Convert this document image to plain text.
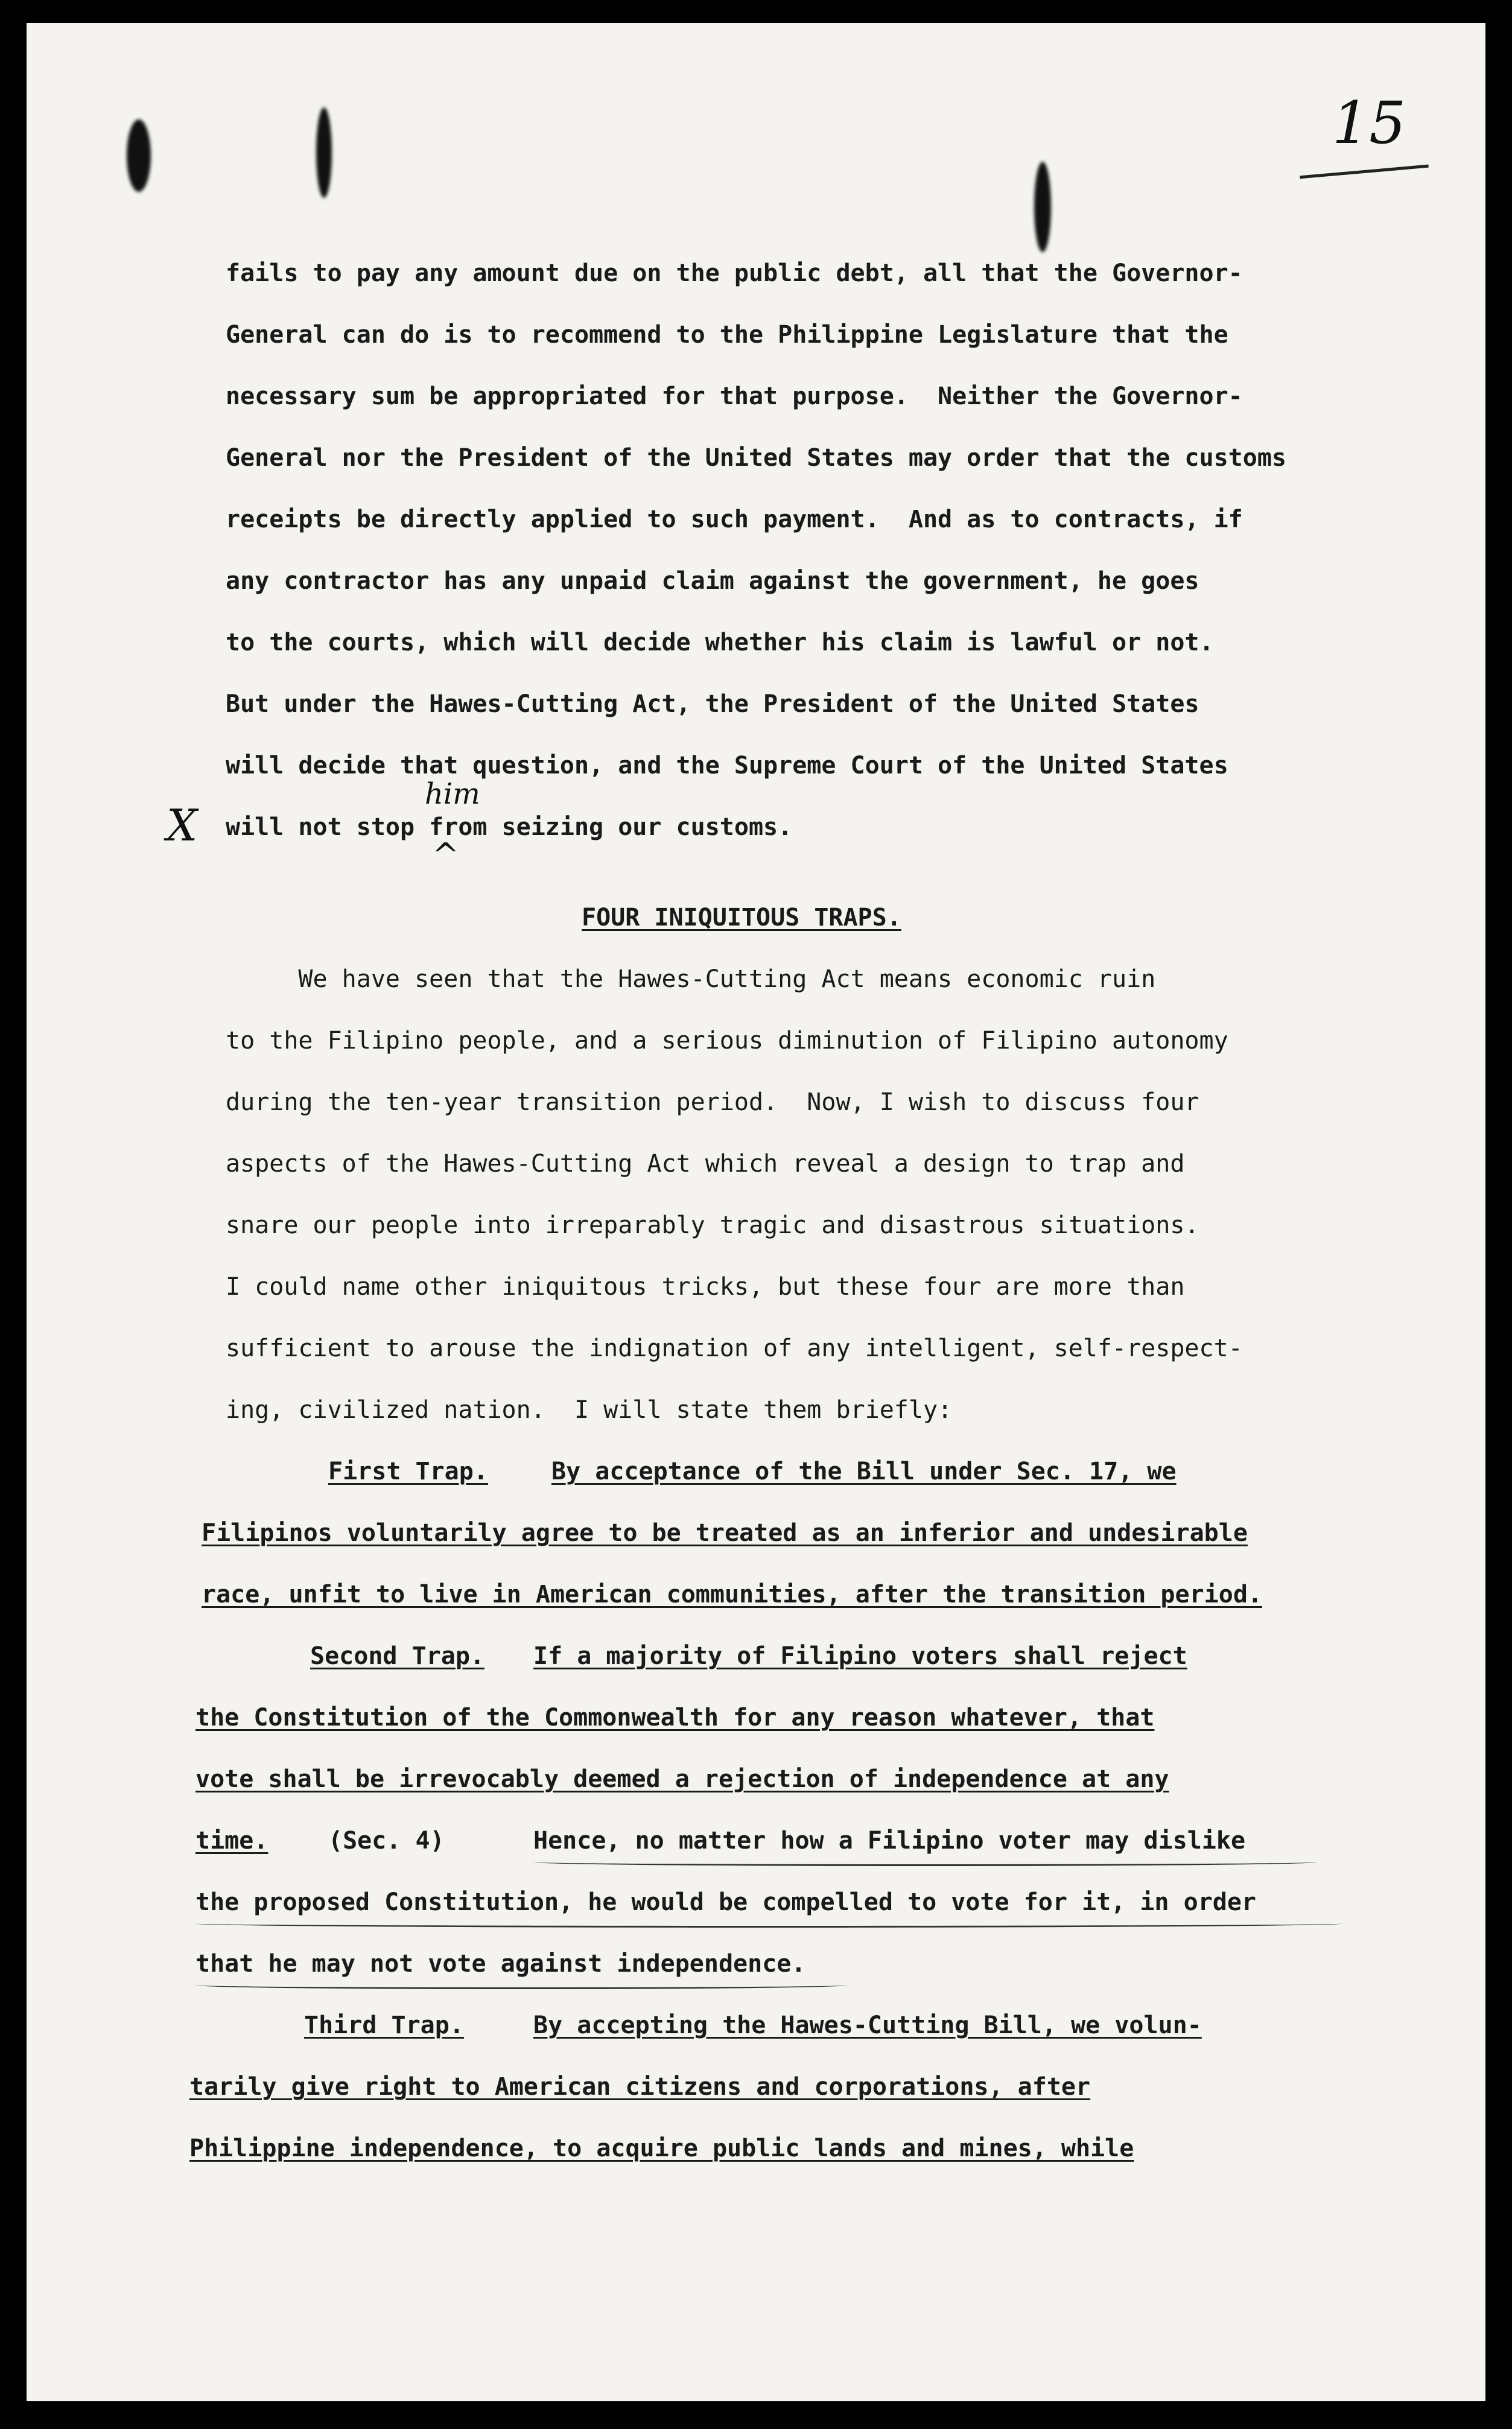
15
fails to pay any amount due on the public debt, all that the Governor-
General can do is to recommend to the Philippine Legislature that the
necessary sum be appropriated for that purpose.  Neither the Governor-
General nor the President of the United States may order that the customs
receipts be directly applied to such payment.  And as to contracts, if
any contractor has any unpaid claim against the government, he goes
to the courts, which will decide whether his claim is lawful or not.
But under the Hawes-Cutting Act, the President of the United States
will decide that question, and the Supreme Court of the United States
will not stop from seizing our customs.
X
him
^
FOUR INIQUITOUS TRAPS.
We have seen that the Hawes-Cutting Act means economic ruin
to the Filipino people, and a serious diminution of Filipino autonomy
during the ten-year transition period.  Now, I wish to discuss four
aspects of the Hawes-Cutting Act which reveal a design to trap and
snare our people into irreparably tragic and disastrous situations.
I could name other iniquitous tricks, but these four are more than
sufficient to arouse the indignation of any intelligent, self-respect-
ing, civilized nation.  I will state them briefly:
First Trap.	By acceptance of the Bill under Sec. 17, we
Filipinos voluntarily agree to be treated as an inferior and undesirable
race, unfit to live in American communities, after the transition period.
Second Trap. If a majority of Filipino voters shall reject
the Constitution of the Commonwealth for any reason whatever, that
vote shall be irrevocably deemed a rejection of independence at any
time. (Sec. 4)	Hence, no matter how a Filipino voter may dislike
the proposed Constitution, he would be compelled to vote for it, in order
that he may not vote against independence.
Third Trap.	By accepting the Hawes-Cutting Bill, we volun-
tarily give right to American citizens and corporations, after
Philippine independence, to acquire public lands and mines, while
